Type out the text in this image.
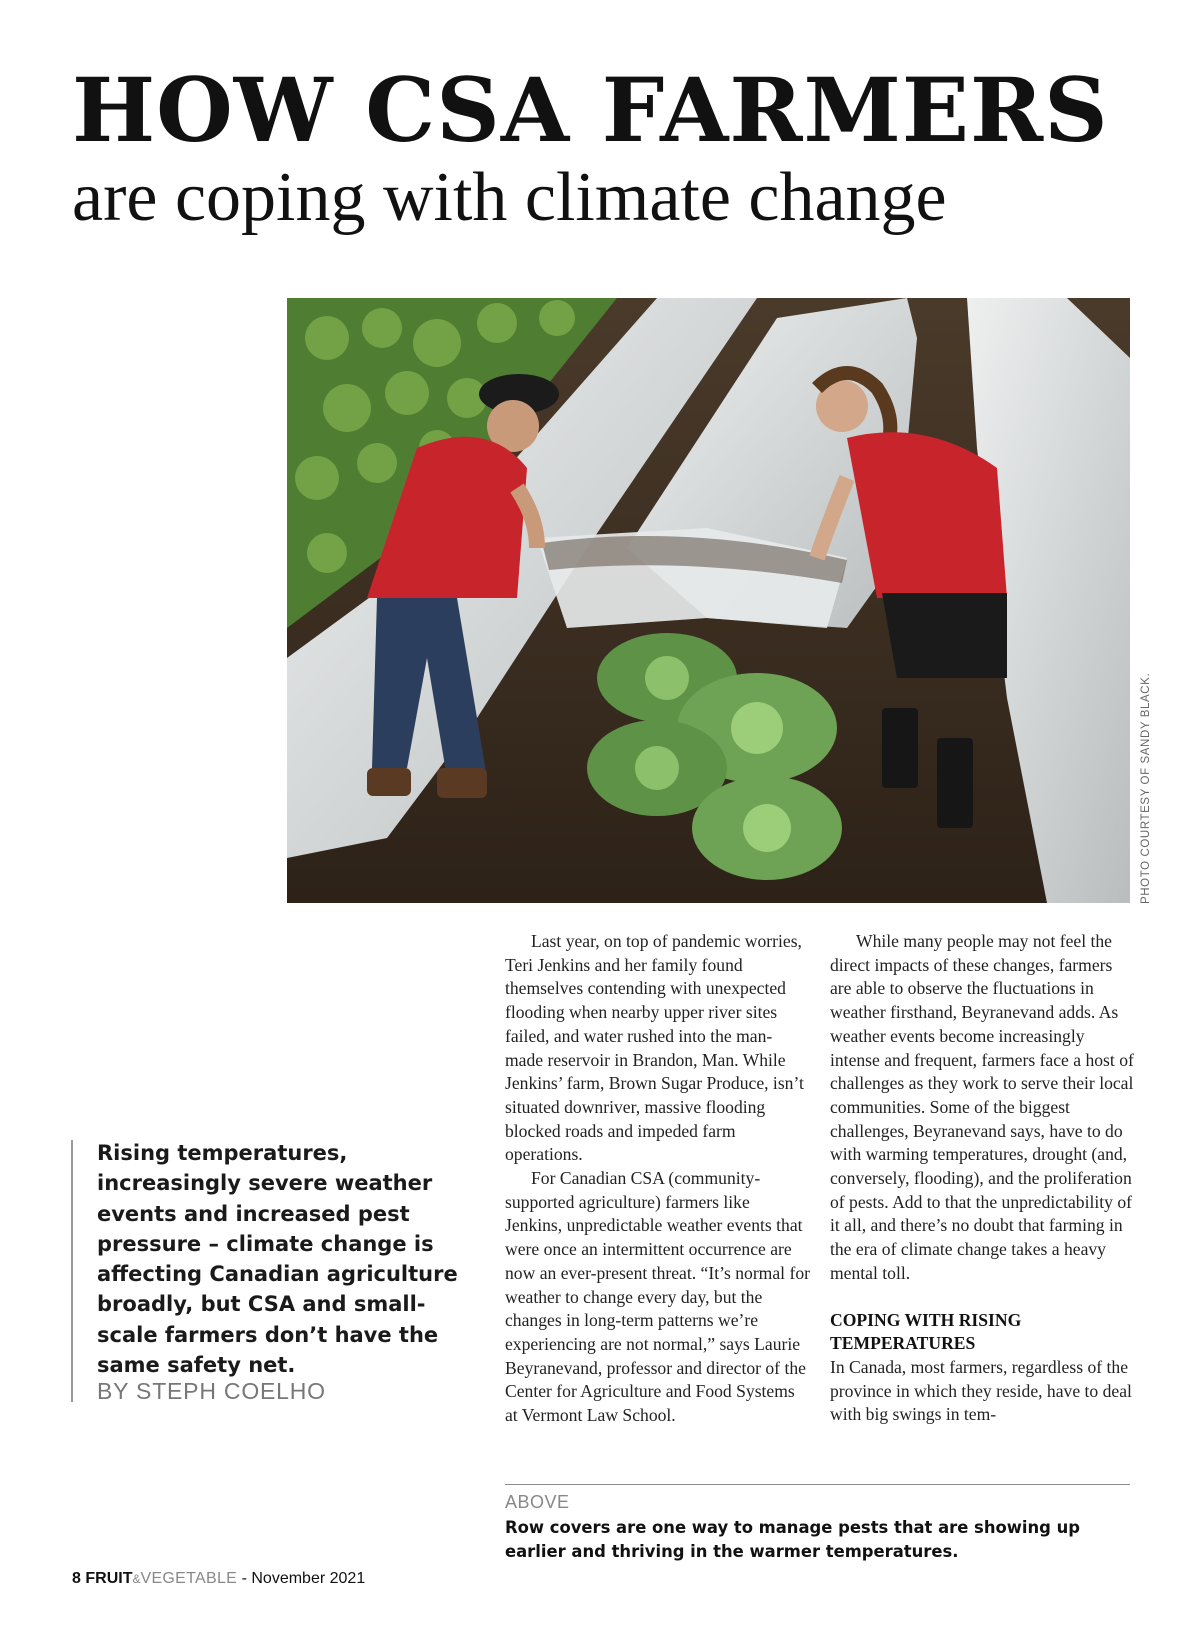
HOW CSA FARMERS
are coping with climate change
PHOTO COURTESY OF SANDY BLACK.

Rising temperatures, increasingly severe weather events and increased pest pressure – climate change is affecting Canadian agriculture broadly, but CSA and small-scale farmers don’t have the same safety net.

BY STEPH COELHO

Last year, on top of pandemic worries, Teri Jenkins and her family found themselves contending with unexpected flooding when nearby upper river sites failed, and water rushed into the man-made reservoir in Brandon, Man. While Jenkins’ farm, Brown Sugar Produce, isn’t situated downriver, massive flooding blocked roads and impeded farm operations.

For Canadian CSA (community-supported agriculture) farmers like Jenkins, unpredictable weather events that were once an intermittent occurrence are now an ever-present threat. “It’s normal for weather to change every day, but the changes in long-term patterns we’re experiencing are not normal,” says Laurie Beyranevand, professor and director of the Center for Agriculture and Food Systems at Vermont Law School.

While many people may not feel the direct impacts of these changes, farmers are able to observe the fluctuations in weather firsthand, Beyranevand adds. As weather events become increasingly intense and frequent, farmers face a host of challenges as they work to serve their local communities. Some of the biggest challenges, Beyranevand says, have to do with warming temperatures, drought (and, conversely, flooding), and the proliferation of pests. Add to that the unpredictability of it all, and there’s no doubt that farming in the era of climate change takes a heavy mental toll.

COPING WITH RISING TEMPERATURES

In Canada, most farmers, regardless of the province in which they reside, have to deal with big swings in tem-

ABOVE

Row covers are one way to manage pests that are showing up earlier and thriving in the warmer temperatures.

8 FRUIT&VEGETABLE - November 2021
